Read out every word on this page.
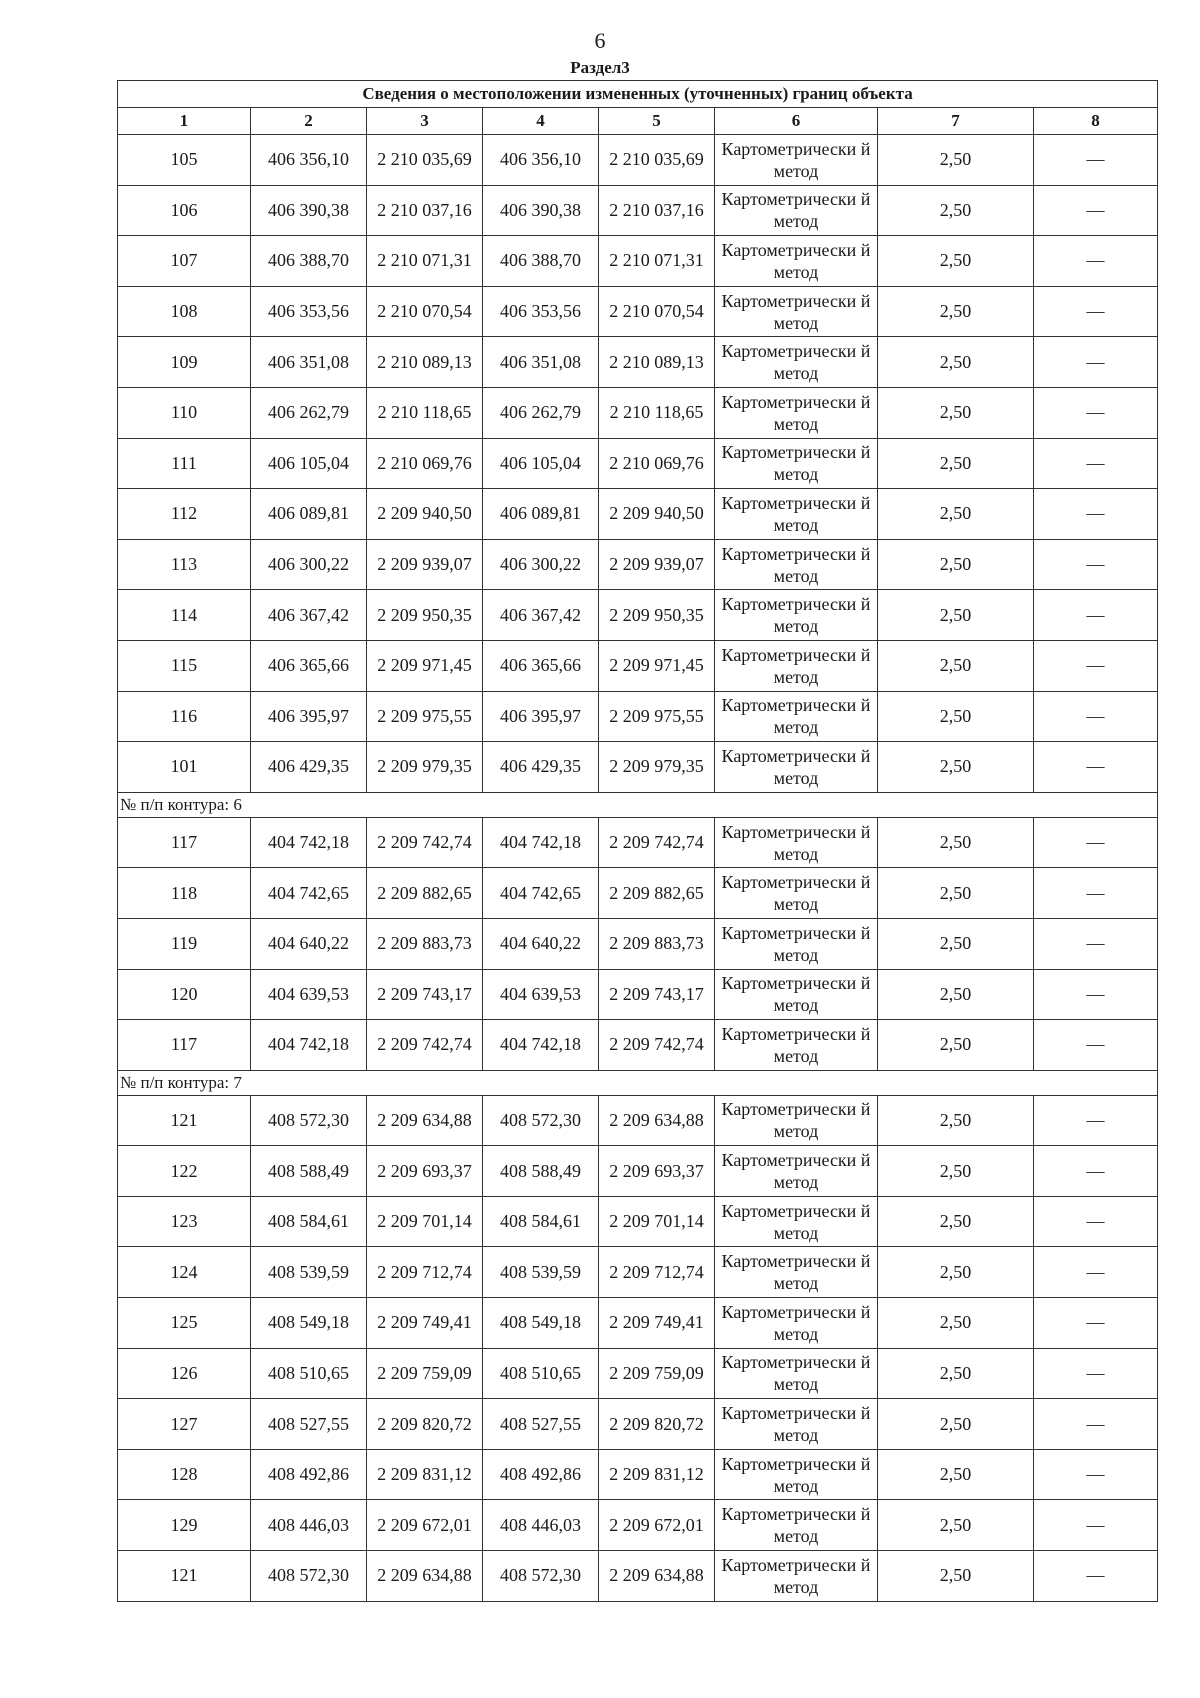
6
Раздел3
Сведения о местоположении измененных (уточненных) границ объекта							
1	2	3	4	5	6	7	8
105	406 356,10	2 210 035,69	406 356,10	2 210 035,69	Картометрически й метод	2,50	—
106	406 390,38	2 210 037,16	406 390,38	2 210 037,16	Картометрически й метод	2,50	—
107	406 388,70	2 210 071,31	406 388,70	2 210 071,31	Картометрически й метод	2,50	—
108	406 353,56	2 210 070,54	406 353,56	2 210 070,54	Картометрически й метод	2,50	—
109	406 351,08	2 210 089,13	406 351,08	2 210 089,13	Картометрически й метод	2,50	—
110	406 262,79	2 210 118,65	406 262,79	2 210 118,65	Картометрически й метод	2,50	—
111	406 105,04	2 210 069,76	406 105,04	2 210 069,76	Картометрически й метод	2,50	—
112	406 089,81	2 209 940,50	406 089,81	2 209 940,50	Картометрически й метод	2,50	—
113	406 300,22	2 209 939,07	406 300,22	2 209 939,07	Картометрически й метод	2,50	—
114	406 367,42	2 209 950,35	406 367,42	2 209 950,35	Картометрически й метод	2,50	—
115	406 365,66	2 209 971,45	406 365,66	2 209 971,45	Картометрически й метод	2,50	—
116	406 395,97	2 209 975,55	406 395,97	2 209 975,55	Картометрически й метод	2,50	—
101	406 429,35	2 209 979,35	406 429,35	2 209 979,35	Картометрически й метод	2,50	—
№ п/п контура: 6							
117	404 742,18	2 209 742,74	404 742,18	2 209 742,74	Картометрически й метод	2,50	—
118	404 742,65	2 209 882,65	404 742,65	2 209 882,65	Картометрически й метод	2,50	—
119	404 640,22	2 209 883,73	404 640,22	2 209 883,73	Картометрически й метод	2,50	—
120	404 639,53	2 209 743,17	404 639,53	2 209 743,17	Картометрически й метод	2,50	—
117	404 742,18	2 209 742,74	404 742,18	2 209 742,74	Картометрически й метод	2,50	—
№ п/п контура: 7							
121	408 572,30	2 209 634,88	408 572,30	2 209 634,88	Картометрически й метод	2,50	—
122	408 588,49	2 209 693,37	408 588,49	2 209 693,37	Картометрически й метод	2,50	—
123	408 584,61	2 209 701,14	408 584,61	2 209 701,14	Картометрически й метод	2,50	—
124	408 539,59	2 209 712,74	408 539,59	2 209 712,74	Картометрически й метод	2,50	—
125	408 549,18	2 209 749,41	408 549,18	2 209 749,41	Картометрически й метод	2,50	—
126	408 510,65	2 209 759,09	408 510,65	2 209 759,09	Картометрически й метод	2,50	—
127	408 527,55	2 209 820,72	408 527,55	2 209 820,72	Картометрически й метод	2,50	—
128	408 492,86	2 209 831,12	408 492,86	2 209 831,12	Картометрически й метод	2,50	—
129	408 446,03	2 209 672,01	408 446,03	2 209 672,01	Картометрически й метод	2,50	—
121	408 572,30	2 209 634,88	408 572,30	2 209 634,88	Картометрически й метод	2,50	—
